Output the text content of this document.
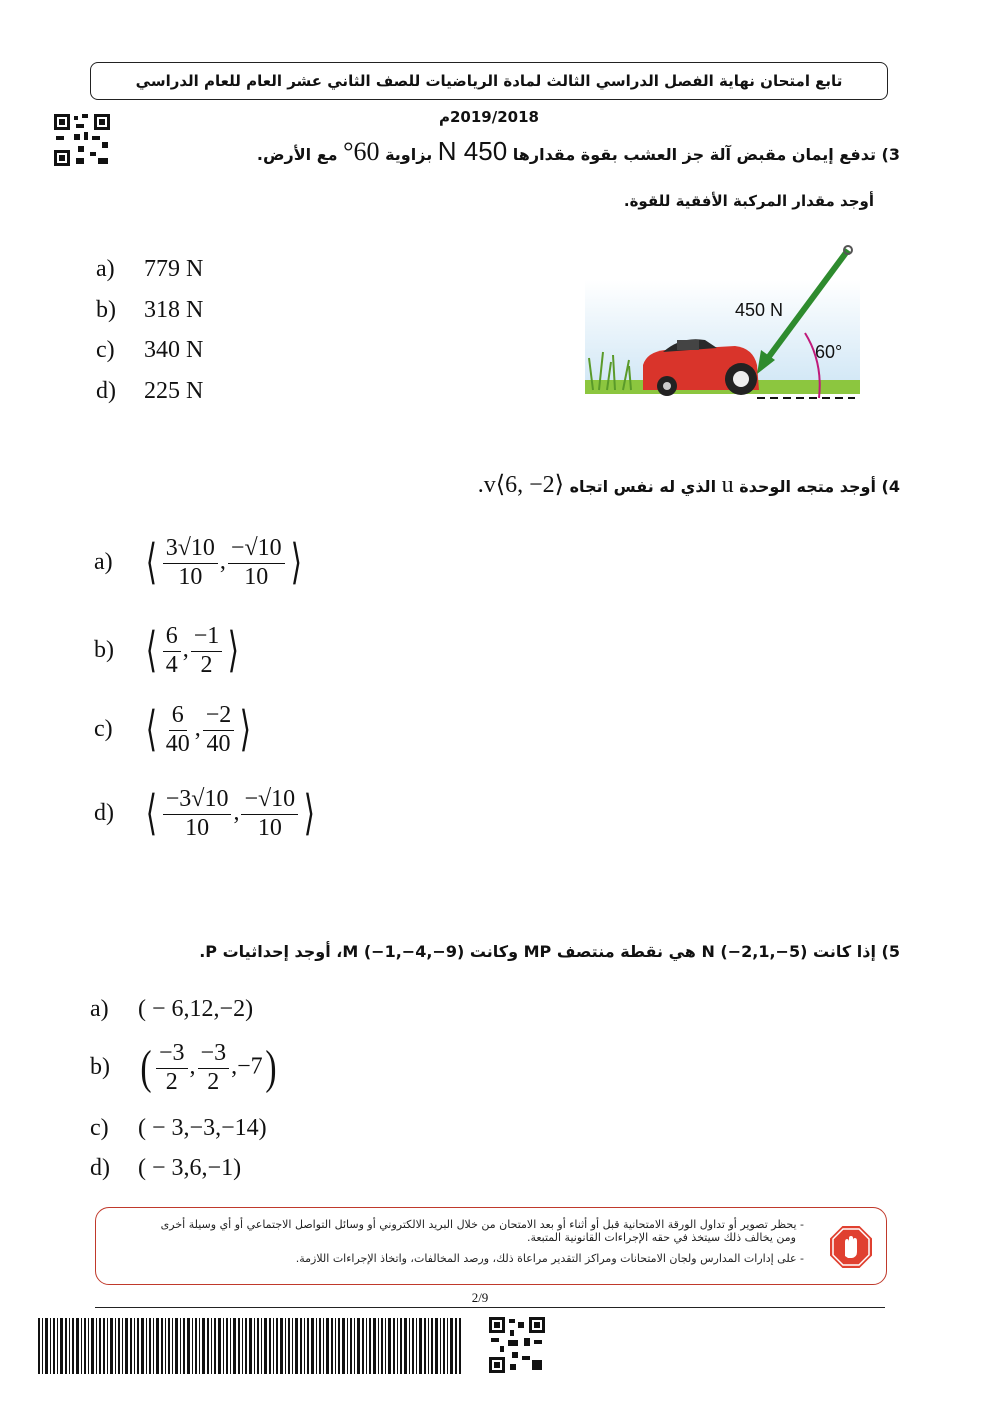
تابع امتحان نهاية الفصل الدراسي الثالث لمادة الرياضيات للصف الثاني عشر العام للعام الدراسي 2019/2018م
3) تدفع إيمان مقبض آلة جز العشب بقوة مقدارها 450 N بزاوية 60° مع الأرض.
أوجد مقدار المركبة الأفقية للقوة.
a) 779 N
b) 318 N
c) 340 N
d) 225 N
450 N
60°
4) أوجد متجه الوحدة u الذي له نفس اتجاه v⟨6, −2⟩.
a) ⟨ $\frac{3√10}{10}$ , $\frac{-√10}{10}$ ⟩
b) ⟨ $\frac{6}{4}$ , $\frac{-1}{2}$ ⟩
c) ⟨ $\frac{6}{40}$ , $\frac{-2}{40}$ ⟩
d) ⟨ $\frac{-3√10}{10}$ , $\frac{-√10}{10}$ ⟩
5) إذا كانت N (−2,1,−5) هي نقطة منتصف MP وكانت M (−1,−4,−9)، أوجد إحداثيات P.
a) ( − 6,12,−2)
b) ( $\frac{-3}{2}$ , $\frac{-3}{2} ,-7$)
c) ( − 3,−3,−14)
d) ( − 3,6,−1)

- يحظر تصوير أو تداول الورقة الامتحانية قبل أو أثناء أو بعد الامتحان من خلال البريد الالكتروني أو وسائل التواصل الاجتماعي أو أي وسيلة أخرى

ومن يخالف ذلك سيتخذ في حقه الإجراءات القانونية المتبعة.

- على إدارات المدارس ولجان الامتحانات ومراكز التقدير مراعاة ذلك، ورصد المخالفات، واتخاذ الإجراءات اللازمة.

2/9
